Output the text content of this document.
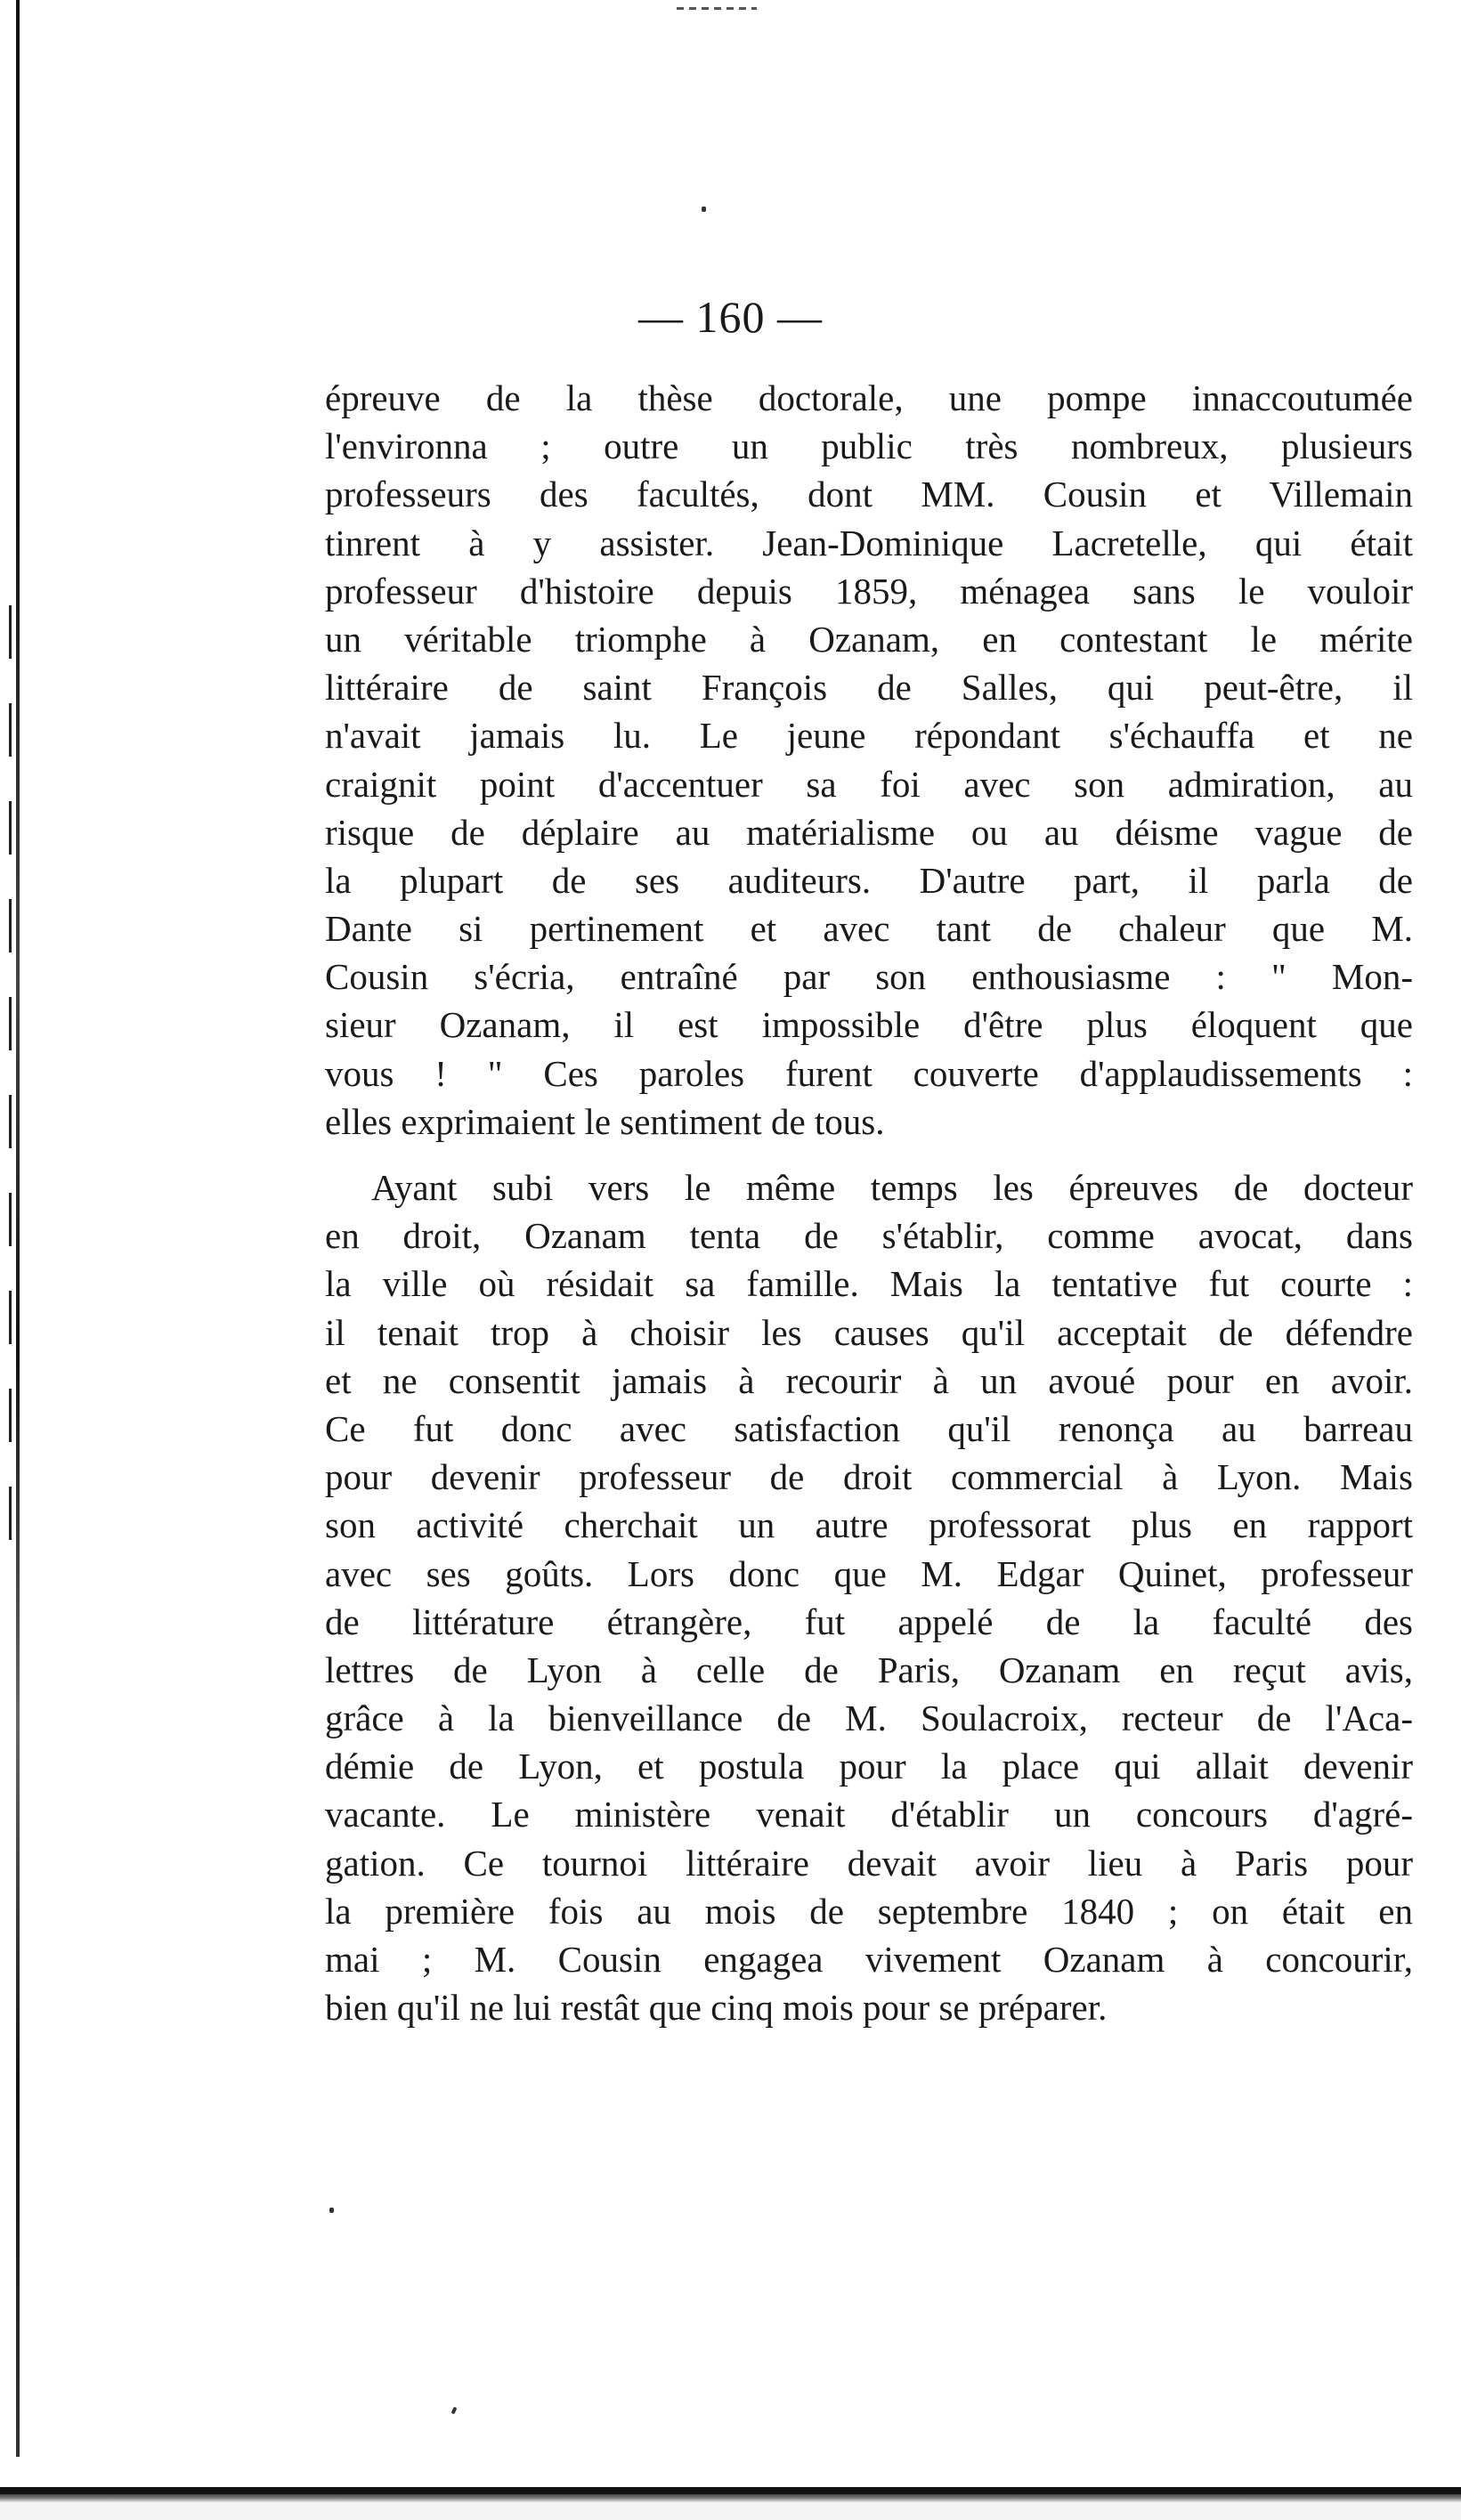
— 160 —
épreuve de la thèse doctorale, une pompe innaccoutumée
l'environna ; outre un public très nombreux, plusieurs
professeurs des facultés, dont MM. Cousin et Villemain
tinrent à y assister. Jean-Dominique Lacretelle, qui était
professeur d'histoire depuis 1859, ménagea sans le vouloir
un véritable triomphe à Ozanam, en contestant le mérite
littéraire de saint François de Salles, qui peut-être, il
n'avait jamais lu. Le jeune répondant s'échauffa et ne
craignit point d'accentuer sa foi avec son admiration, au
risque de déplaire au matérialisme ou au déisme vague de
la plupart de ses auditeurs. D'autre part, il parla de
Dante si pertinement et avec tant de chaleur que M.
Cousin s'écria, entraîné par son enthousiasme : " Mon-
sieur Ozanam, il est impossible d'être plus éloquent que
vous ! " Ces paroles furent couverte d'applaudissements :
elles exprimaient le sentiment de tous.
Ayant subi vers le même temps les épreuves de docteur
en droit, Ozanam tenta de s'établir, comme avocat, dans
la ville où résidait sa famille. Mais la tentative fut courte :
il tenait trop à choisir les causes qu'il acceptait de défendre
et ne consentit jamais à recourir à un avoué pour en avoir.
Ce fut donc avec satisfaction qu'il renonça au barreau
pour devenir professeur de droit commercial à Lyon. Mais
son activité cherchait un autre professorat plus en rapport
avec ses goûts. Lors donc que M. Edgar Quinet, professeur
de littérature étrangère, fut appelé de la faculté des
lettres de Lyon à celle de Paris, Ozanam en reçut avis,
grâce à la bienveillance de M. Soulacroix, recteur de l'Aca-
démie de Lyon, et postula pour la place qui allait devenir
vacante. Le ministère venait d'établir un concours d'agré-
gation. Ce tournoi littéraire devait avoir lieu à Paris pour
la première fois au mois de septembre 1840 ; on était en
mai ; M. Cousin engagea vivement Ozanam à concourir,
bien qu'il ne lui restât que cinq mois pour se préparer.
